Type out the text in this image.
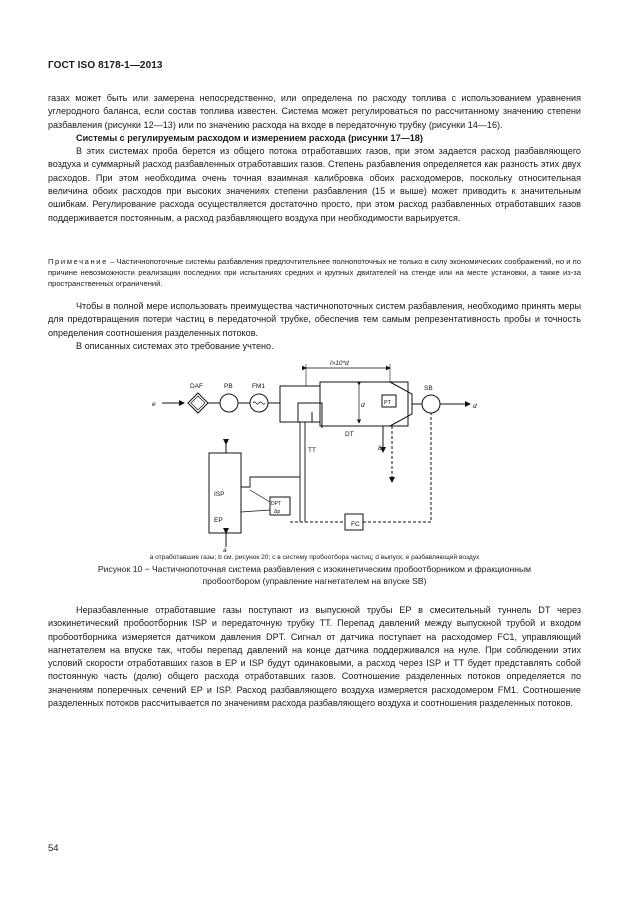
ГОСТ ISO 8178-1—2013

газах может быть или замерена непосредственно, или определена по расходу топлива с использованием уравнения углеродного баланса, если состав топлива известен. Система может регулироваться по рассчитанному значению степени разбавления (рисунки 12—13) или по значению расхода на входе в передаточную трубку (рисунки 14—16).

Системы с регулируемым расходом и измерением расхода (рисунки 17—18)

В этих системах проба берется из общего потока отработавших газов, при этом задается расход разбавляющего воздуха и суммарный расход разбавленных отработавших газов. Степень разбавления определяется как разность этих двух расходов. При этом необходима очень точная взаимная калибровка обоих расходомеров, поскольку относительная величина обоих расходов при высоких значениях степени разбавления (15 и выше) может приводить к значительным ошибкам. Регулирование расхода осуществляется достаточно просто, при этом расход разбавленных отработавших газов поддерживается постоянным, а расход разбавляющего воздуха при необходимости варьируется.

Примечание – Частичнопоточные системы разбавления предпочтительнее полнопоточных не только в силу экономических соображений, но и по причине невозможности реализации последних при испытаниях средних и крупных двигателей на стенде или на месте установки, а также из-за пространственных ограничений.

Чтобы в полной мере использовать преимущества частичнопоточных систем разбавления, необходимо принять меры для предотвращения потери частиц в передаточной трубке, обеспечив тем самым репрезентативность пробы и точность определения соотношения разделенных потоков.

В описанных системах это требование учтено.

e
DAF	PB	FM1
l>10*d
d
DT
PT
SB
d
TT	b
c
FC
a
ISP
EP
DPT
Δp
а отработавшие газы; b см. рисунок 20; с в систему пробоотбора частиц; d выпуск; е разбавляющий воздух
Рисунок 10 − Частичнопоточная система разбавления с изокинетическим пробоотборником и фракционным
пробоотбором (управление нагнетателем на впуске SB)

Неразбавленные отработавшие газы поступают из выпускной трубы EP в смесительный туннель DT через изокинетический пробоотборник ISP и передаточную трубку TT. Перепад давлений между выпускной трубой и входом пробоотборника измеряется датчиком давления DPT. Сигнал от датчика поступает на расходомер FC1, управляющий нагнетателем на впуске так, чтобы перепад давлений на конце датчика поддерживался на нуле. При соблюдении этих условий скорости отработавших газов в EP и ISP будут одинаковыми, а расход через ISP и TT будет представлять собой постоянную часть (долю) общего расхода отработавших газов. Соотношение разделенных потоков определяется по значениям поперечных сечений EP и ISP. Расход разбавляющего воздуха измеряется расходомером FM1. Соотношение разделенных потоков рассчитывается по значениям расхода разбавляющего воздуха и соотношения разделенных потоков.

54
